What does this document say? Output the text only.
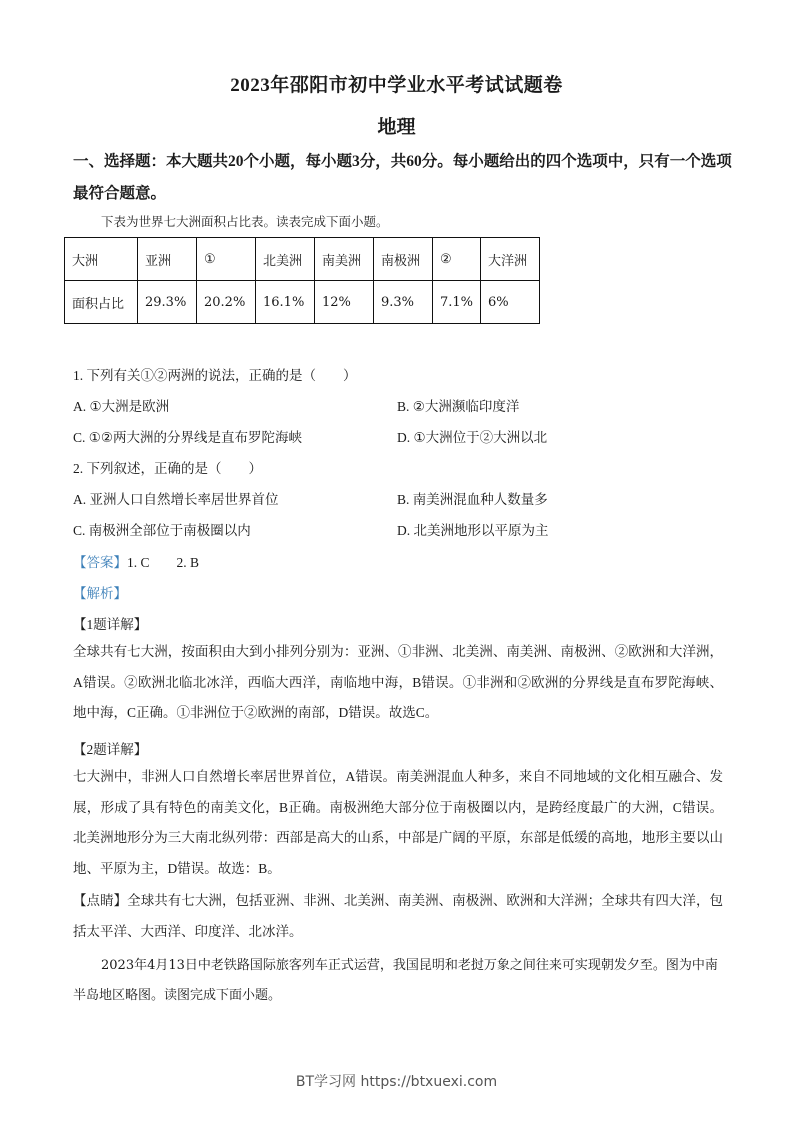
2023年邵阳市初中学业水平考试试题卷
地理
一、选择题：本大题共20个小题，每小题3分，共60分。每小题给出的四个选项中，只有一个选项最符合题意。
下表为世界七大洲面积占比表。读表完成下面小题。
大洲	亚洲	①	北美洲	南美洲	南极洲	②	大洋洲
面积占比	29.3%	20.2%	16.1%	12%	9.3%	7.1%	6%
1. 下列有关①②两洲的说法，正确的是（　　）
A. ①大洲是欧洲	B. ②大洲濒临印度洋
C. ①②两大洲的分界线是直布罗陀海峡	D. ①大洲位于②大洲以北
2. 下列叙述，正确的是（　　）
A. 亚洲人口自然增长率居世界首位	B. 南美洲混血种人数量多
C. 南极洲全部位于南极圈以内	D. 北美洲地形以平原为主
【答案】1. C　　2. B
【解析】
【1题详解】
全球共有七大洲，按面积由大到小排列分别为：亚洲、①非洲、北美洲、南美洲、南极洲、②欧洲和大洋洲，A错误。②欧洲北临北冰洋，西临大西洋，南临地中海，B错误。①非洲和②欧洲的分界线是直布罗陀海峡、地中海，C正确。①非洲位于②欧洲的南部，D错误。故选C。
【2题详解】
七大洲中，非洲人口自然增长率居世界首位，A错误。南美洲混血人种多，来自不同地域的文化相互融合、发展，形成了具有特色的南美文化，B正确。南极洲绝大部分位于南极圈以内，是跨经度最广的大洲，C错误。北美洲地形分为三大南北纵列带：西部是高大的山系，中部是广阔的平原，东部是低缓的高地，地形主要以山地、平原为主，D错误。故选：B。
【点睛】全球共有七大洲，包括亚洲、非洲、北美洲、南美洲、南极洲、欧洲和大洋洲；全球共有四大洋，包括太平洋、大西洋、印度洋、北冰洋。
2023年4月13日中老铁路国际旅客列车正式运营，我国昆明和老挝万象之间往来可实现朝发夕至。图为中南半岛地区略图。读图完成下面小题。
BT学习网 https://btxuexi.com
